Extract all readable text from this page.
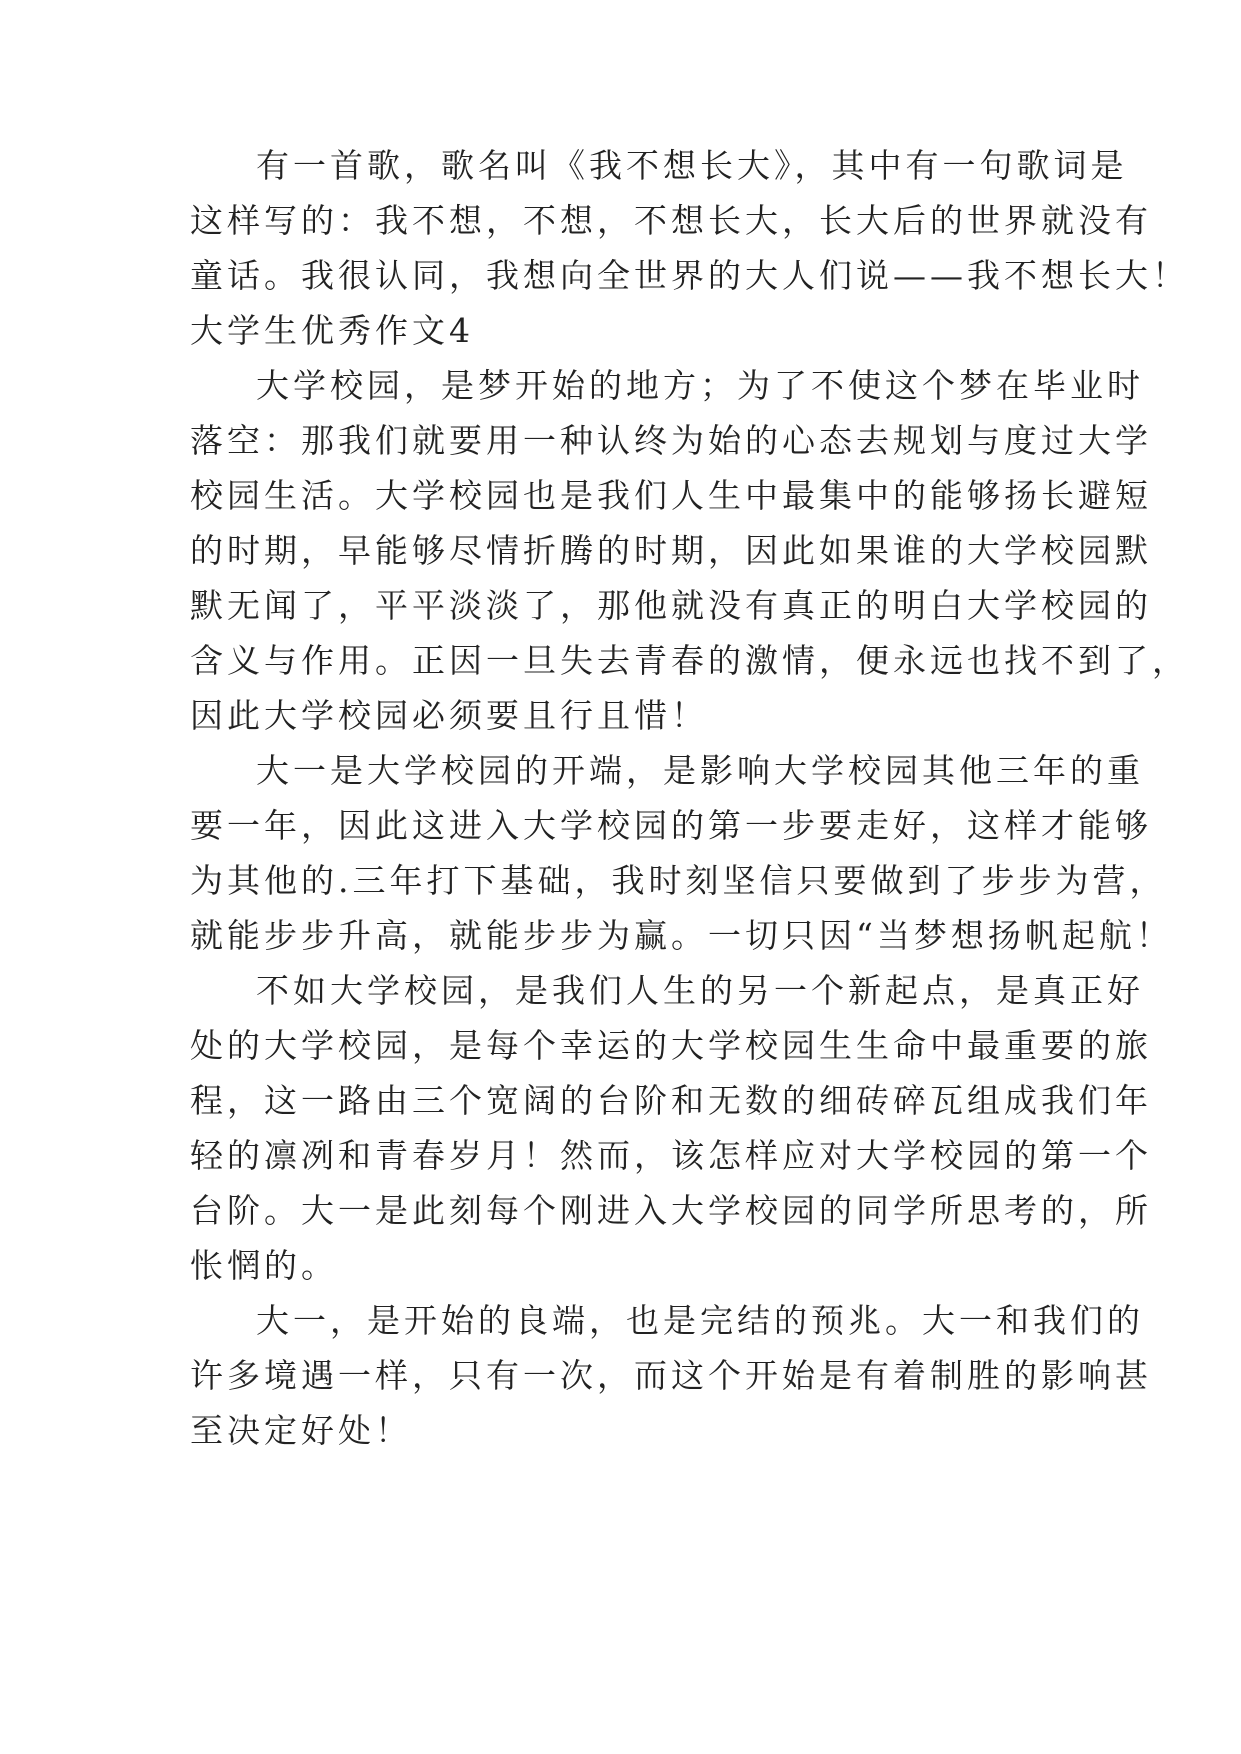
有一首歌，歌名叫《我不想长大》，其中有一句歌词是
这样写的：我不想，不想，不想长大，长大后的世界就没有
童话。我很认同，我想向全世界的大人们说——我不想长大！
大学生优秀作文4
大学校园，是梦开始的地方；为了不使这个梦在毕业时
落空：那我们就要用一种认终为始的心态去规划与度过大学
校园生活。大学校园也是我们人生中最集中的能够扬长避短
的时期，早能够尽情折腾的时期，因此如果谁的大学校园默
默无闻了，平平淡淡了，那他就没有真正的明白大学校园的
含义与作用。正因一旦失去青春的激情，便永远也找不到了，
因此大学校园必须要且行且惜！
大一是大学校园的开端，是影响大学校园其他三年的重
要一年，因此这进入大学校园的第一步要走好，这样才能够
为其他的.三年打下基础，我时刻坚信只要做到了步步为营，
就能步步升高，就能步步为赢。一切只因“当梦想扬帆起航！
不如大学校园，是我们人生的另一个新起点，是真正好
处的大学校园，是每个幸运的大学校园生生命中最重要的旅
程，这一路由三个宽阔的台阶和无数的细砖碎瓦组成我们年
轻的凛冽和青春岁月！然而，该怎样应对大学校园的第一个
台阶。大一是此刻每个刚进入大学校园的同学所思考的，所
怅惘的。
大一，是开始的良端，也是完结的预兆。大一和我们的
许多境遇一样，只有一次，而这个开始是有着制胜的影响甚
至决定好处！
